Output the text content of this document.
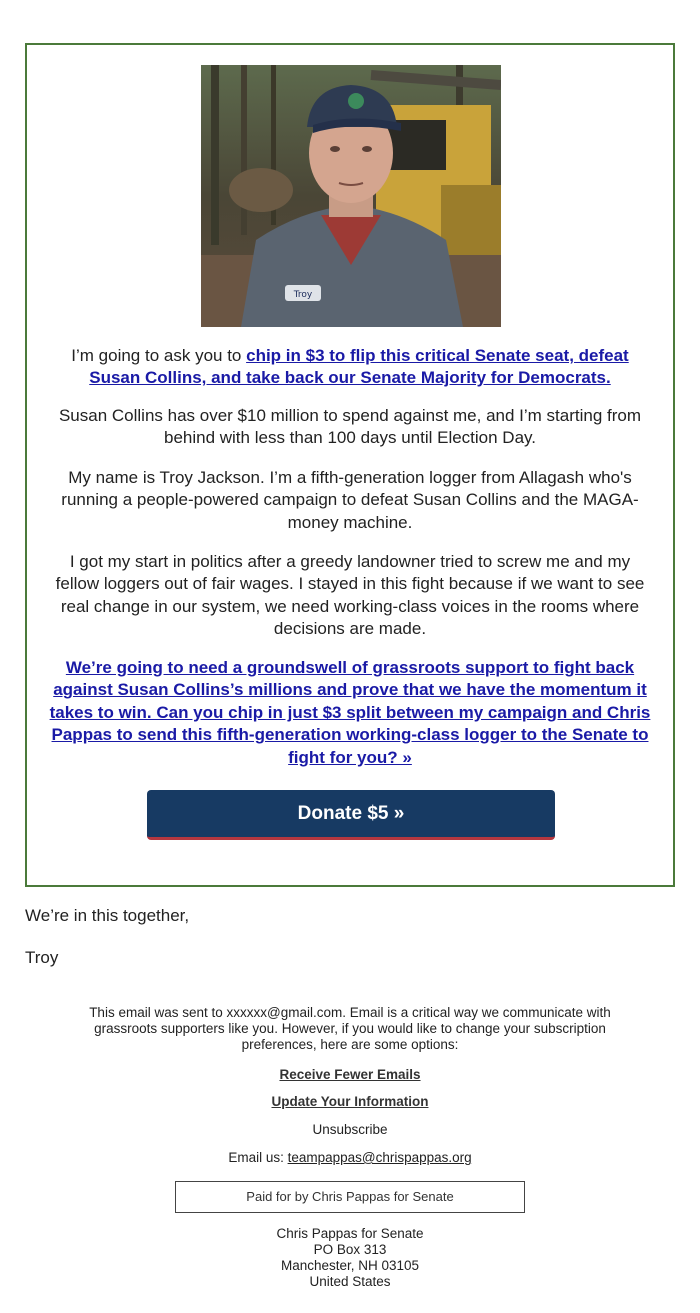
Troy

I’m going to ask you to chip in $3 to flip this critical Senate seat, defeat Susan Collins, and take back our Senate Majority for Democrats.

Susan Collins has over $10 million to spend against me, and I’m starting from behind with less than 100 days until Election Day.

My name is Troy Jackson. I’m a fifth-generation logger from Allagash who's running a people-powered campaign to defeat Susan Collins and the MAGA-money machine.

I got my start in politics after a greedy landowner tried to screw me and my fellow loggers out of fair wages. I stayed in this fight because if we want to see real change in our system, we need working-class voices in the rooms where decisions are made.

We’re going to need a groundswell of grassroots support to fight back against Susan Collins’s millions and prove that we have the momentum it takes to win. Can you chip in just $3 split between my campaign and Chris Pappas to send this fifth-generation working-class logger to the Senate to fight for you? »

Donate $5 »

We’re in this together,

Troy

This email was sent to xxxxxx@gmail.com. Email is a critical way we communicate with grassroots supporters like you. However, if you would like to change your subscription preferences, here are some options:

Receive Fewer Emails

Update Your Information

Unsubscribe

Email us: teampappas@chrispappas.org

Paid for by Chris Pappas for Senate

Chris Pappas for Senate

PO Box 313

Manchester, NH 03105

United States
